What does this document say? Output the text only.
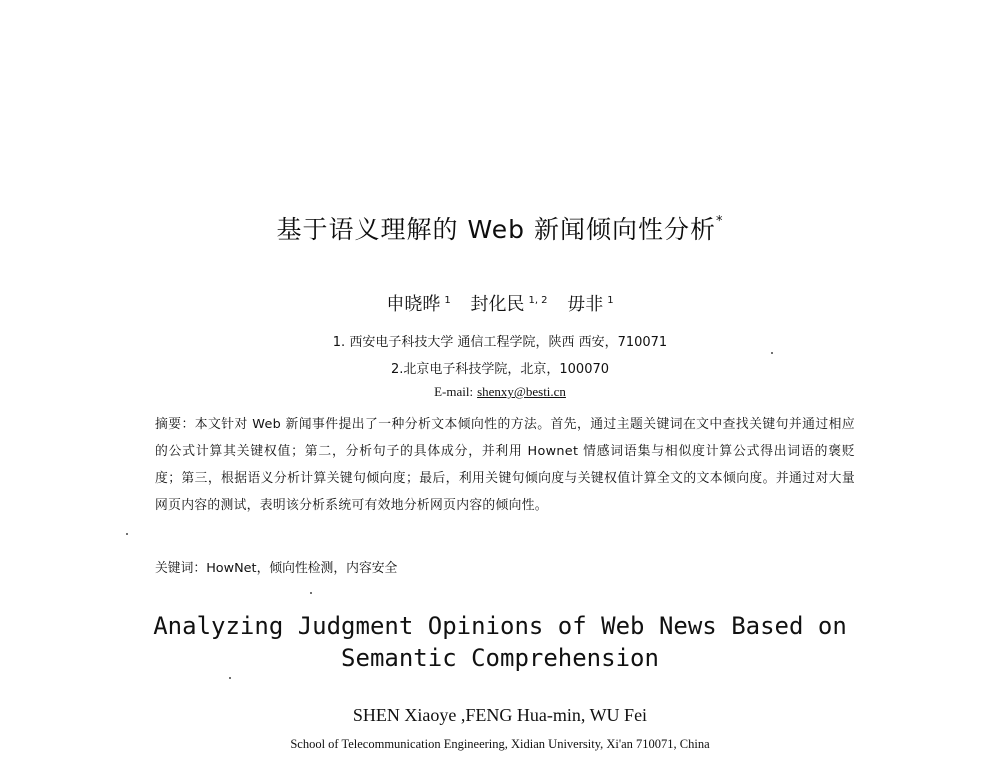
基于语义理解的 Web 新闻倾向性分析*
申晓晔 $^1$ 封化民 $^{1, 2}$ 毋非 $^1$
1. 西安电子科技大学 通信工程学院，陕西 西安，710071
2.北京电子科技学院，北京，100070
E-mail: shenxy@besti.cn
摘要：本文针对 Web 新闻事件提出了一种分析文本倾向性的方法。首先，通过主题关键词在文中查找关键句并通过相应的公式计算其关键权值；第二，分析句子的具体成分，并利用 Hownet 情感词语集与相似度计算公式得出词语的褒贬度；第三，根据语义分析计算关键句倾向度；最后，利用关键句倾向度与关键权值计算全文的文本倾向度。并通过对大量网页内容的测试，表明该分析系统可有效地分析网页内容的倾向性。
关键词：HowNet，倾向性检测，内容安全
Analyzing Judgment Opinions of Web News Based on
Semantic Comprehension
SHEN Xiaoye ,FENG Hua-min, WU Fei
School of Telecommunication Engineering, Xidian University, Xi'an 710071, China
